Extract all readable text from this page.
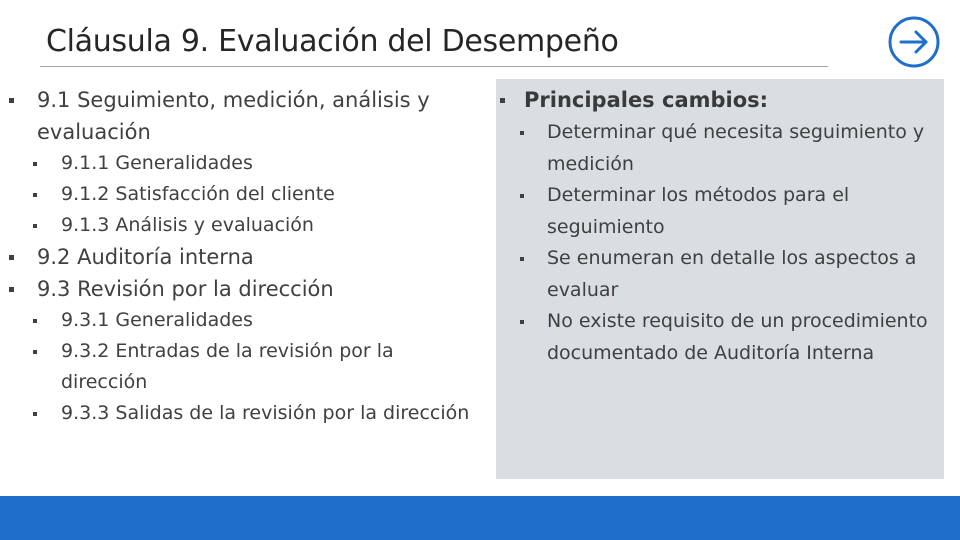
Cláusula 9. Evaluación del Desempeño
9.1 Seguimiento, medición, análisis y evaluación
9.1.1 Generalidades
9.1.2 Satisfacción del cliente
9.1.3 Análisis y evaluación
9.2 Auditoría interna
9.3 Revisión por la dirección
9.3.1 Generalidades
9.3.2 Entradas de la revisión por la dirección
9.3.3 Salidas de la revisión por la dirección
Principales cambios:
Determinar qué necesita seguimiento y medición
Determinar los métodos para el seguimiento
Se enumeran en detalle los aspectos a evaluar
No existe requisito de un procedimiento documentado de Auditoría Interna
